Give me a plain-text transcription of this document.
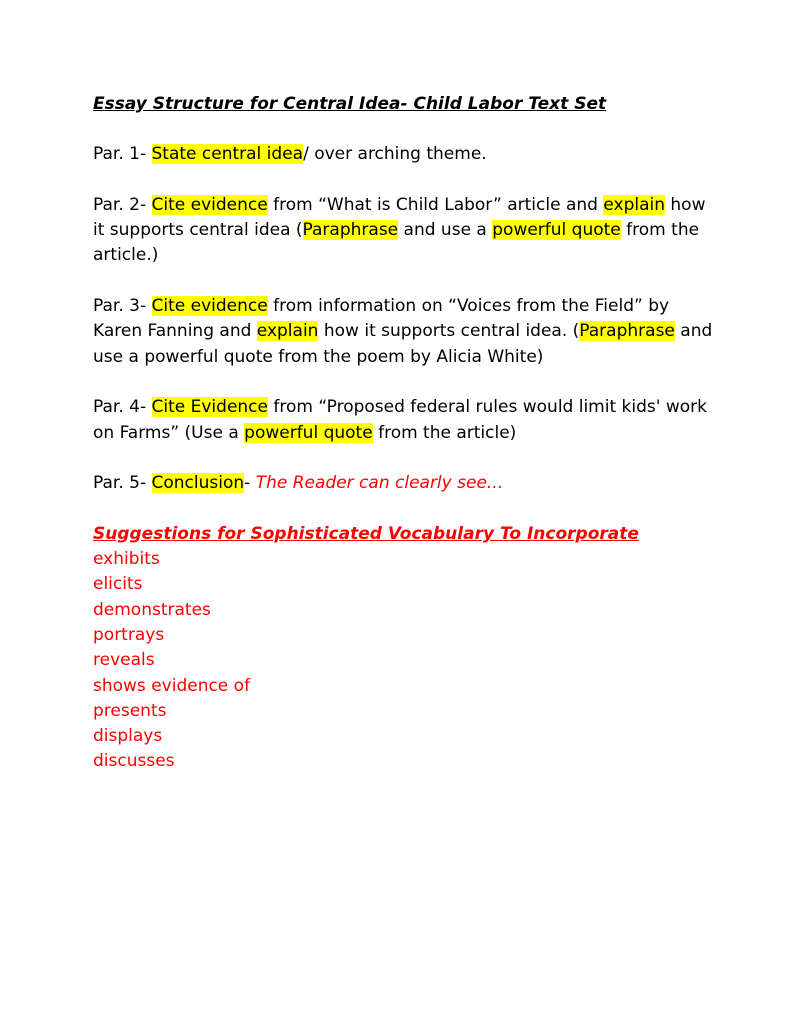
Essay Structure for Central Idea- Child Labor Text Set

Par. 1- State central idea/ over arching theme.

Par. 2- Cite evidence from “What is Child Labor” article and explain how it supports central idea (Paraphrase and use a powerful quote from the article.)

Par. 3- Cite evidence from information on “Voices from the Field” by Karen Fanning and explain how it supports central idea. (Paraphrase and use a powerful quote from the poem by Alicia White)

Par. 4- Cite Evidence from “Proposed federal rules would limit kids' work on Farms” (Use a powerful quote from the article)

Par. 5- Conclusion- The Reader can clearly see...

Suggestions for Sophisticated Vocabulary To Incorporate

exhibits
elicits
demonstrates
portrays
reveals
shows evidence of
presents
displays
discusses
